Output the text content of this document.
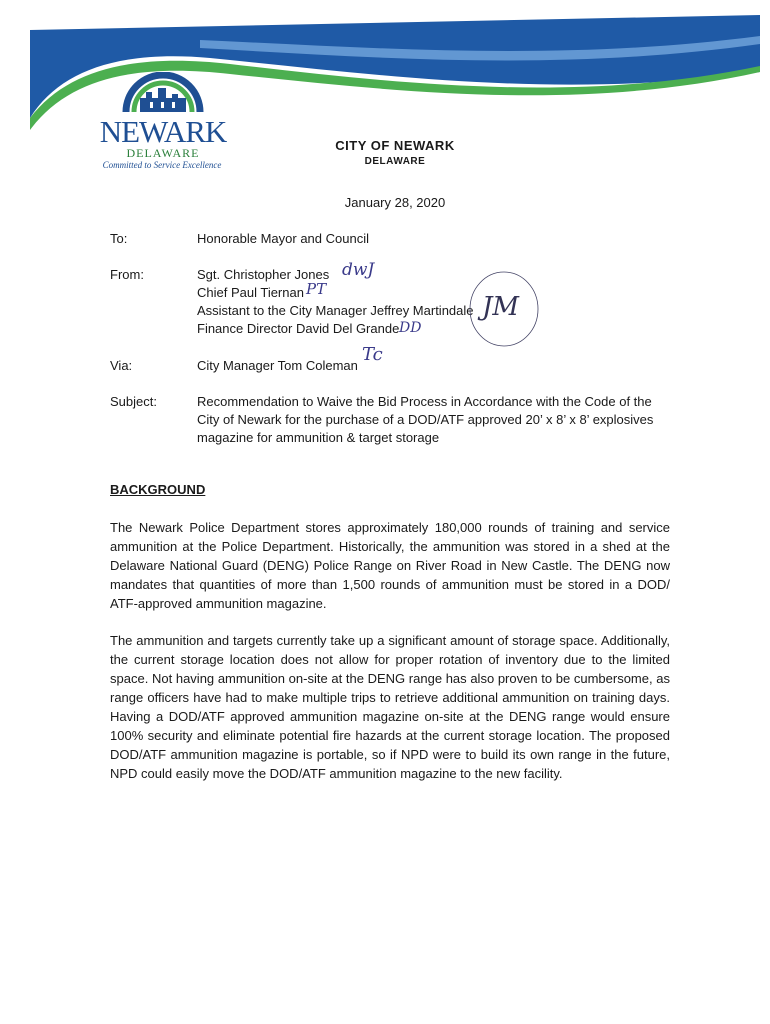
NEWARK
DELAWARE
Committed to Service Excellence
CITY OF NEWARK
DELAWARE
January 28, 2020
To:	Honorable Mayor and Council
From:	Sgt. Christopher Jones
Chief Paul Tiernan
Assistant to the City Manager Jeffrey Martindale
Finance Director David Del Grande
dwJ
PT
JM
DD
Via:	City Manager Tom Coleman
Tc
Subject:	Recommendation to Waive the Bid Process in Accordance with the Code of the
City of Newark for the purchase of a DOD/ATF approved 20’ x 8’ x 8’ explosives
magazine for ammunition & target storage
BACKGROUND

The Newark Police Department stores approximately 180,000 rounds of training and service ammunition at the Police Department. Historically, the ammunition was stored in a shed at the Delaware National Guard (DENG) Police Range on River Road in New Castle. The DENG now mandates that quantities of more than 1,500 rounds of ammunition must be stored in a DOD/ ATF-approved ammunition magazine.

The ammunition and targets currently take up a significant amount of storage space. Additionally, the current storage location does not allow for proper rotation of inventory due to the limited space. Not having ammunition on-site at the DENG range has also proven to be cumbersome, as range officers have had to make multiple trips to retrieve additional ammunition on training days. Having a DOD/ATF approved ammunition magazine on-site at the DENG range would ensure 100% security and eliminate potential fire hazards at the current storage location. The proposed DOD/ATF ammunition magazine is portable, so if NPD were to build its own range in the future, NPD could easily move the DOD/ATF ammunition magazine to the new facility.
